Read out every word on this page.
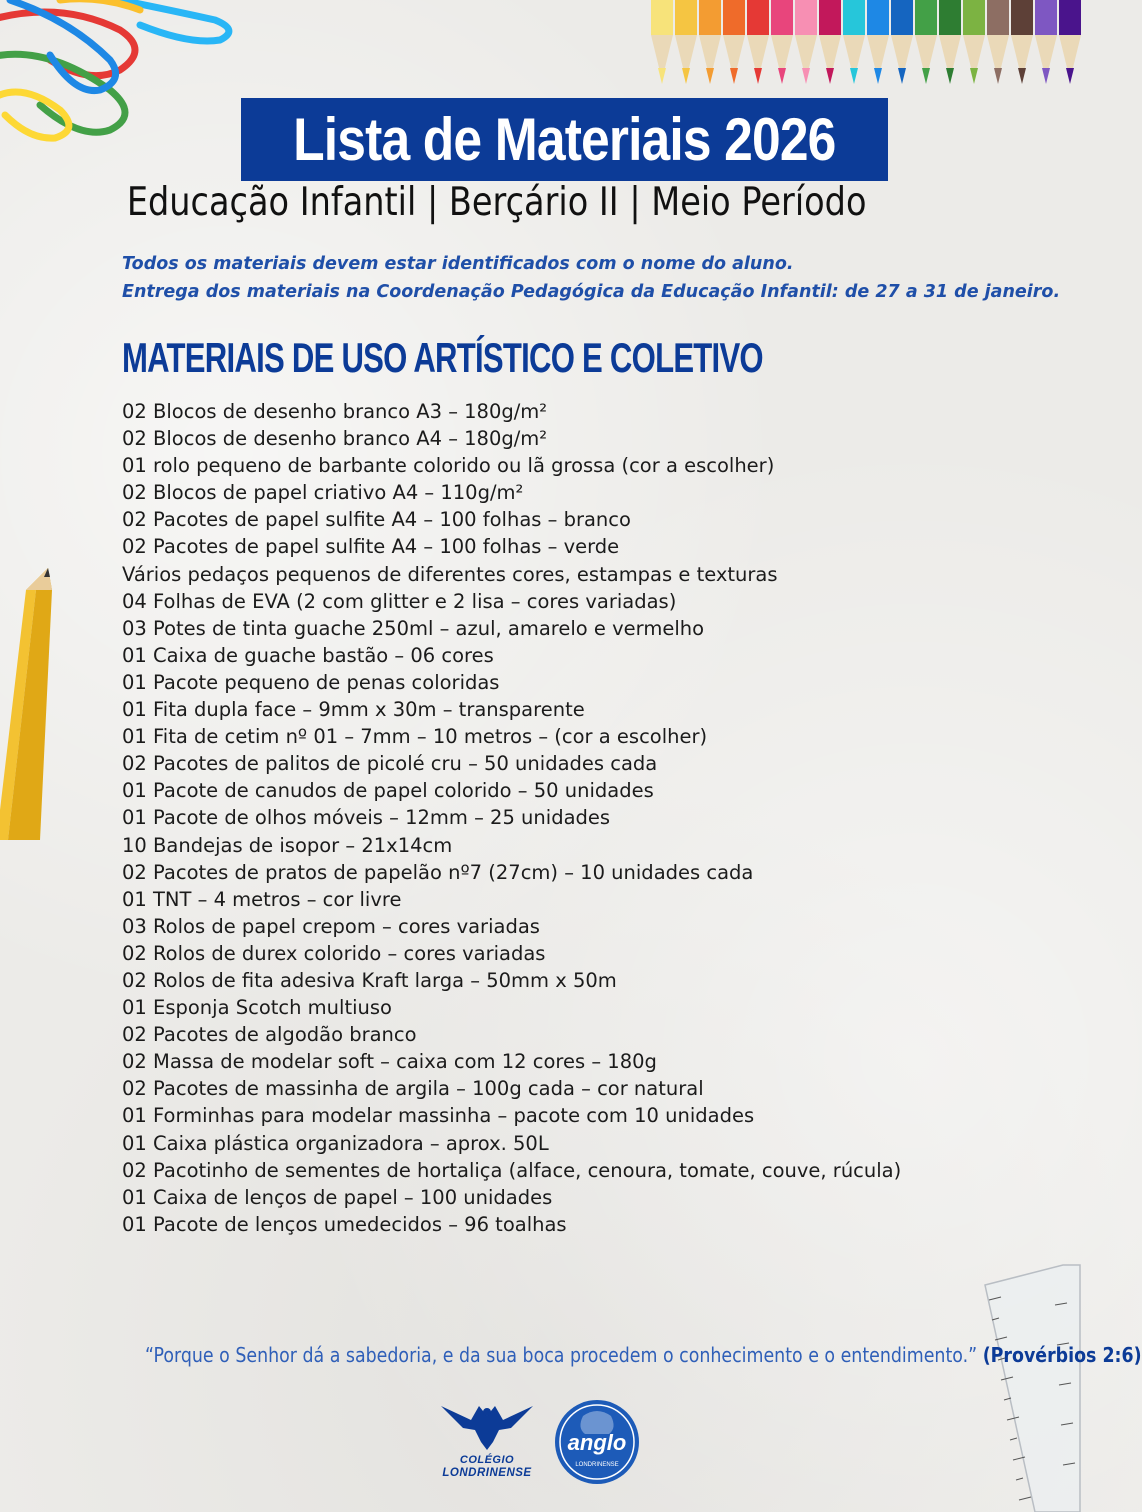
Lista de Materiais 2026
Educação Infantil | Berçário II | Meio Período
Todos os materiais devem estar identificados com o nome do aluno.
Entrega dos materiais na Coordenação Pedagógica da Educação Infantil: de 27 a 31 de janeiro.
MATERIAIS DE USO ARTÍSTICO E COLETIVO
02 Blocos de desenho branco A3 – 180g/m²
02 Blocos de desenho branco A4 – 180g/m²
01 rolo pequeno de barbante colorido ou lã grossa (cor a escolher)
02 Blocos de papel criativo A4 – 110g/m²
02 Pacotes de papel sulfite A4 – 100 folhas – branco
02 Pacotes de papel sulfite A4 – 100 folhas – verde
Vários pedaços pequenos de diferentes cores, estampas e texturas
04 Folhas de EVA (2 com glitter e 2 lisa – cores variadas)
03 Potes de tinta guache 250ml – azul, amarelo e vermelho
01 Caixa de guache bastão – 06 cores
01 Pacote pequeno de penas coloridas
01 Fita dupla face – 9mm x 30m – transparente
01 Fita de cetim nº 01 – 7mm – 10 metros – (cor a escolher)
02 Pacotes de palitos de picolé cru – 50 unidades cada
01 Pacote de canudos de papel colorido – 50 unidades
01 Pacote de olhos móveis – 12mm – 25 unidades
10 Bandejas de isopor – 21x14cm
02 Pacotes de pratos de papelão nº7 (27cm) – 10 unidades cada
01 TNT – 4 metros – cor livre
03 Rolos de papel crepom – cores variadas
02 Rolos de durex colorido – cores variadas
02 Rolos de fita adesiva Kraft larga – 50mm x 50m
01 Esponja Scotch multiuso
02 Pacotes de algodão branco
02 Massa de modelar soft – caixa com 12 cores – 180g
02 Pacotes de massinha de argila – 100g cada – cor natural
01 Forminhas para modelar massinha – pacote com 10 unidades
01 Caixa plástica organizadora – aprox. 50L
02 Pacotinho de sementes de hortaliça (alface, cenoura, tomate, couve, rúcula)
01 Caixa de lenços de papel – 100 unidades
01 Pacote de lenços umedecidos – 96 toalhas
“Porque o Senhor dá a sabedoria, e da sua boca procedem o conhecimento e o entendimento.” (Provérbios 2:6)
COLÉGIO
LONDRINENSE
anglo
LONDRINENSE
